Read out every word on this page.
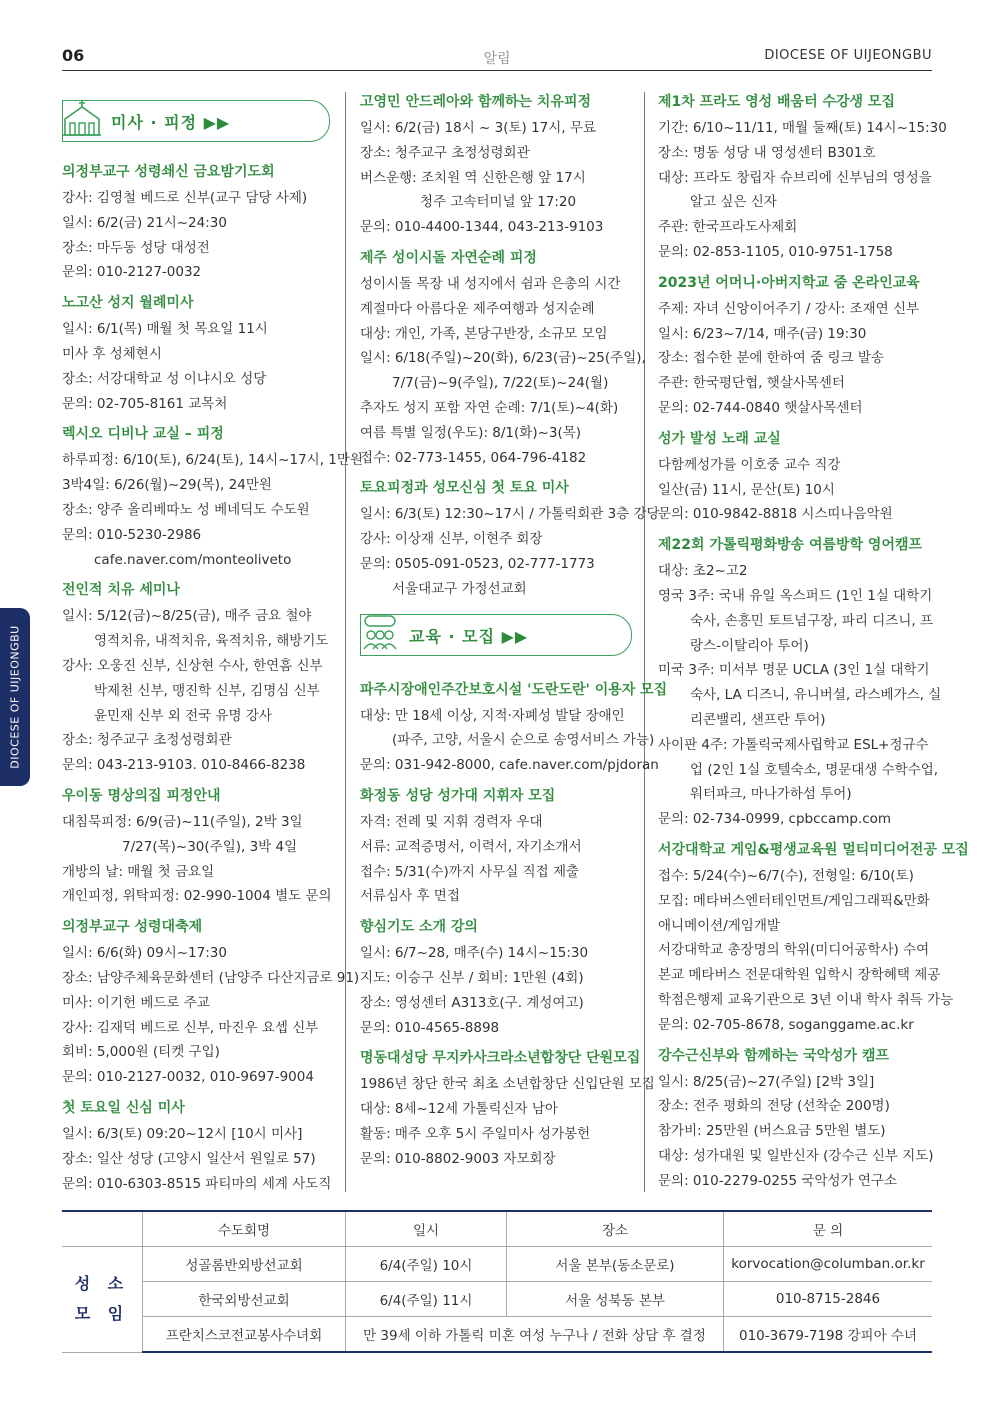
06	알림	DIOCESE OF UIJEONGBU
DIOCESE OF UIJEONGBU
미사 · 피정 ▶▶
의정부교구 성령쇄신 금요밤기도회
강사: 김영철 베드로 신부(교구 담당 사제)
일시: 6/2(금) 21시~24:30
장소: 마두동 성당 대성전
문의: 010-2127-0032
노고산 성지 월례미사
일시: 6/1(목) 매월 첫 목요일 11시
미사 후 성체현시
장소: 서강대학교 성 이냐시오 성당
문의: 02-705-8161 교목처
렉시오 디비나 교실 – 피정
하루피정: 6/10(토), 6/24(토), 14시~17시, 1만원
3박4일: 6/26(월)~29(목), 24만원
장소: 양주 올리베따노 성 베네딕도 수도원
문의: 010-5230-2986
cafe.naver.com/monteoliveto
전인적 치유 세미나
일시: 5/12(금)~8/25(금), 매주 금요 철야
영적치유, 내적치유, 육적치유, 해방기도
강사: 오웅진 신부, 신상현 수사, 한연흠 신부
박제천 신부, 맹진학 신부, 김명심 신부
윤민재 신부 외 전국 유명 강사
장소: 청주교구 초정성령회관
문의: 043-213-9103. 010-8466-8238
우이동 명상의집 피정안내
대침묵피정: 6/9(금)~11(주일), 2박 3일
7/27(목)~30(주일), 3박 4일
개방의 날: 매월 첫 금요일
개인피정, 위탁피정: 02-990-1004 별도 문의
의정부교구 성령대축제
일시: 6/6(화) 09시~17:30
장소: 남양주체육문화센터 (남양주 다산지금로 91)
미사: 이기헌 베드로 주교
강사: 김재덕 베드로 신부, 마진우 요셉 신부
회비: 5,000원 (티켓 구입)
문의: 010-2127-0032, 010-9697-9004
첫 토요일 신심 미사
일시: 6/3(토) 09:20~12시 [10시 미사]
장소: 일산 성당 (고양시 일산서 원일로 57)
문의: 010-6303-8515 파티마의 세계 사도직
고영민 안드레아와 함께하는 치유피정
일시: 6/2(금) 18시 ~ 3(토) 17시, 무료
장소: 청주교구 초정성령회관
버스운행: 조치원 역 신한은행 앞 17시
청주 고속터미널 앞 17:20
문의: 010-4400-1344, 043-213-9103
제주 성이시돌 자연순례 피정
성이시돌 목장 내 성지에서 쉼과 은총의 시간
계절마다 아름다운 제주여행과 성지순례
대상: 개인, 가족, 본당구반장, 소규모 모임
일시: 6/18(주일)~20(화), 6/23(금)~25(주일),
7/7(금)~9(주일), 7/22(토)~24(월)
추자도 성지 포함 자연 순례: 7/1(토)~4(화)
여름 특별 일정(우도): 8/1(화)~3(목)
접수: 02-773-1455, 064-796-4182
토요피정과 성모신심 첫 토요 미사
일시: 6/3(토) 12:30~17시 / 가톨릭회관 3층 강당
강사: 이상재 신부, 이현주 회장
문의: 0505-091-0523, 02-777-1773
서울대교구 가정선교회
교육 · 모집 ▶▶
파주시장애인주간보호시설 '도란도란' 이용자 모집
대상: 만 18세 이상, 지적·자폐성 발달 장애인
(파주, 고양, 서울시 순으로 송영서비스 가능)
문의: 031-942-8000, cafe.naver.com/pjdoran
화정동 성당 성가대 지휘자 모집
자격: 전례 및 지휘 경력자 우대
서류: 교적증명서, 이력서, 자기소개서
접수: 5/31(수)까지 사무실 직접 제출
서류심사 후 면접
향심기도 소개 강의
일시: 6/7~28, 매주(수) 14시~15:30
지도: 이승구 신부 / 회비: 1만원 (4회)
장소: 영성센터 A313호(구. 계성여고)
문의: 010-4565-8898
명동대성당 무지카사크라소년합창단 단원모집
1986년 창단 한국 최초 소년합창단 신입단원 모집
대상: 8세~12세 가톨릭신자 남아
활동: 매주 오후 5시 주일미사 성가봉헌
문의: 010-8802-9003 자모회장
제1차 프라도 영성 배움터 수강생 모집
기간: 6/10~11/11, 매월 둘째(토) 14시~15:30
장소: 명동 성당 내 영성센터 B301호
대상: 프라도 창립자 슈브리에 신부님의 영성을
알고 싶은 신자
주관: 한국프라도사제회
문의: 02-853-1105, 010-9751-1758
2023년 어머니·아버지학교 줌 온라인교육
주제: 자녀 신앙이어주기 / 강사: 조재연 신부
일시: 6/23~7/14, 매주(금) 19:30
장소: 접수한 분에 한하여 줌 링크 발송
주관: 한국평단협, 햇살사목센터
문의: 02-744-0840 햇살사목센터
성가 발성 노래 교실
다함께성가를 이호중 교수 직강
일산(금) 11시, 문산(토) 10시
문의: 010-9842-8818 시스띠나음악원
제22회 가톨릭평화방송 여름방학 영어캠프
대상: 초2~고2
영국 3주: 국내 유일 옥스퍼드 (1인 1실 대학기
숙사, 손흥민 토트넘구장, 파리 디즈니, 프
랑스-이탈리아 투어)
미국 3주: 미서부 명문 UCLA (3인 1실 대학기
숙사, LA 디즈니, 유니버셜, 라스베가스, 실
리콘밸리, 샌프란 투어)
사이판 4주: 가톨릭국제사립학교 ESL+정규수
업 (2인 1실 호텔숙소, 명문대생 수학수업,
워터파크, 마나가하섬 투어)
문의: 02-734-0999, cpbccamp.com
서강대학교 게임&평생교육원 멀티미디어전공 모집
접수: 5/24(수)~6/7(수), 전형일: 6/10(토)
모집: 메타버스엔터테인먼트/게임그래픽&만화
애니메이션/게임개발
서강대학교 총장명의 학위(미디어공학사) 수여
본교 메타버스 전문대학원 입학시 장학혜택 제공
학점은행제 교육기관으로 3년 이내 학사 취득 가능
문의: 02-705-8678, soganggame.ac.kr
강수근신부와 함께하는 국악성가 캠프
일시: 8/25(금)~27(주일) [2박 3일]
장소: 전주 평화의 전당 (선착순 200명)
참가비: 25만원 (버스요금 5만원 별도)
대상: 성가대원 및 일반신자 (강수근 신부 지도)
문의: 010-2279-0255 국악성가 연구소
	수도회명	일시	장소	문 의

성 소
모 임	성골롬반외방선교회	6/4(주일) 10시	서울 본부(동소문로)	korvocation@columban.or.kr
	한국외방선교회	6/4(주일) 11시	서울 성북동 본부	010-8715-2846
	프란치스코전교봉사수녀회	만 39세 이하 가톨릭 미혼 여성 누구나 / 전화 상담 후 결정		010-3679-7198 강피아 수녀
